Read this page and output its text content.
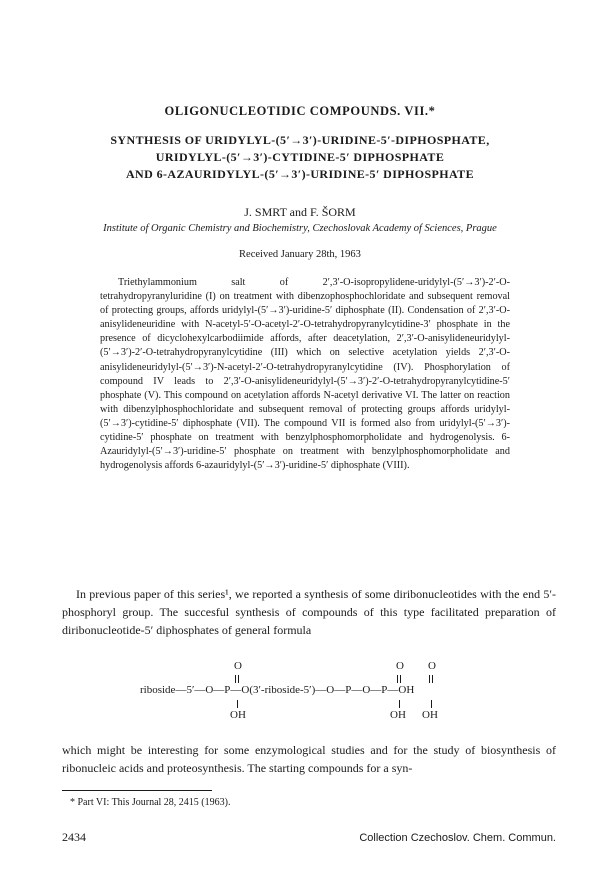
OLIGONUCLEOTIDIC COMPOUNDS. VII.*

SYNTHESIS OF URIDYLYL-(5′→3′)-URIDINE-5′-DIPHOSPHATE,

URIDYLYL-(5′→3′)-CYTIDINE-5′ DIPHOSPHATE

AND 6-AZAURIDYLYL-(5′→3′)-URIDINE-5′ DIPHOSPHATE

J. SMRT and F. ŠORM
Institute of Organic Chemistry and Biochemistry, Czechoslovak Academy of Sciences, Prague
Received January 28th, 1963

Triethylammonium salt of 2′,3′-O-isopropylidene-uridylyl-(5′→3′)-2′-O-tetrahydropyranyluridine (I) on treatment with dibenzophosphochloridate and subsequent removal of protecting groups, affords uridylyl-(5′→3′)-uridine-5′ diphosphate (II). Condensation of 2′,3′-O-anisylideneuridine with N-acetyl-5′-O-acetyl-2′-O-tetrahydropyranylcytidine-3′ phosphate in the presence of dicyclohexylcarbodiimide affords, after deacetylation, 2′,3′-O-anisylideneuridylyl-(5′→3′)-2′-O-tetrahydropyranylcytidine (III) which on selective acetylation yields 2′,3′-O-anisylideneuridylyl-(5′→3′)-N-acetyl-2′-O-tetrahydropyranylcytidine (IV). Phosphorylation of compound IV leads to 2′,3′-O-anisylideneuridylyl-(5′→3′)-2′-O-tetrahydropyranylcytidine-5′ phosphate (V). This compound on acetylation affords N-acetyl derivative VI. The latter on reaction with dibenzylphosphochloridate and subsequent removal of protecting groups affords uridylyl-(5′→3′)-cytidine-5′ diphosphate (VII). The compound VII is formed also from uridylyl-(5′→3′)-cytidine-5′ phosphate on treatment with benzylphosphomorpholidate and hydrogenolysis. 6-Azauridylyl-(5′→3′)-uridine-5′ phosphate on treatment with benzylphosphomorpholidate and hydrogenolysis affords 6-azauridylyl-(5′→3′)-uridine-5′ diphosphate (VIII).

In previous paper of this series¹, we reported a synthesis of some diribonucleotides with the end 5′-phosphoryl group. The succesful synthesis of compounds of this type facilitated preparation of diribonucleotide-5′ diphosphates of general formula

O	O O
riboside—5′—O—P—O(3′-riboside-5′)—O—P—O—P—OH
OH	OH OH

which might be interesting for some enzymological studies and for the study of biosynthesis of ribonucleic acids and proteosynthesis. The starting compounds for a syn-

* Part VI: This Journal 28, 2415 (1963).
2434	Collection Czechoslov. Chem. Commun.
